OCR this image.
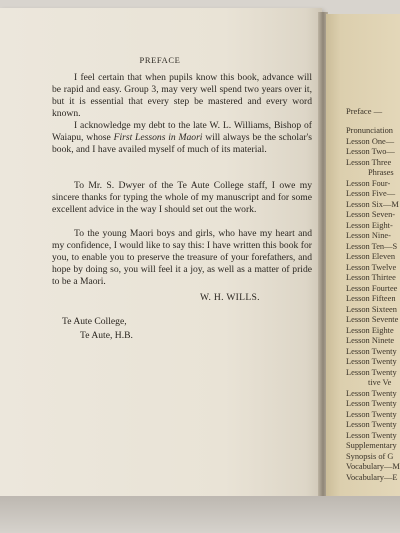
Preface —
Pronunciation
Lesson One—
Lesson Two—
Lesson Three
Phrases
Lesson Four-
Lesson Five—
Lesson Six—M
Lesson Seven-
Lesson Eight-
Lesson Nine-
Lesson Ten—S
Lesson Eleven
Lesson Twelve
Lesson Thirtee
Lesson Fourtee
Lesson Fifteen
Lesson Sixteen
Lesson Sevente
Lesson Eighte
Lesson Ninete
Lesson Twenty
Lesson Twenty
Lesson Twenty
tive Ve
Lesson Twenty
Lesson Twenty
Lesson Twenty
Lesson Twenty
Lesson Twenty
Supplementary
Synopsis of G
Vocabulary—M
Vocabulary—E
PREFACE

I feel certain that when pupils know this book, advance will be rapid and easy. Group 3, may very well spend two years over it, but it is essential that every step be mastered and every word known.

I acknowledge my debt to the late W. L. Williams, Bishop of Waiapu, whose First Lessons in Maori will always be the scholar's book, and I have availed myself of much of its material.

To Mr. S. Dwyer of the Te Aute College staff, I owe my sincere thanks for typing the whole of my manuscript and for some excellent advice in the way I should set out the work.

To the young Maori boys and girls, who have my heart and my confidence, I would like to say this: I have written this book for you, to enable you to preserve the treasure of your forefathers, and hope by doing so, you will feel it a joy, as well as a matter of pride to be a Maori.

W. H. WILLS.
Te Aute College,
Te Aute, H.B.
